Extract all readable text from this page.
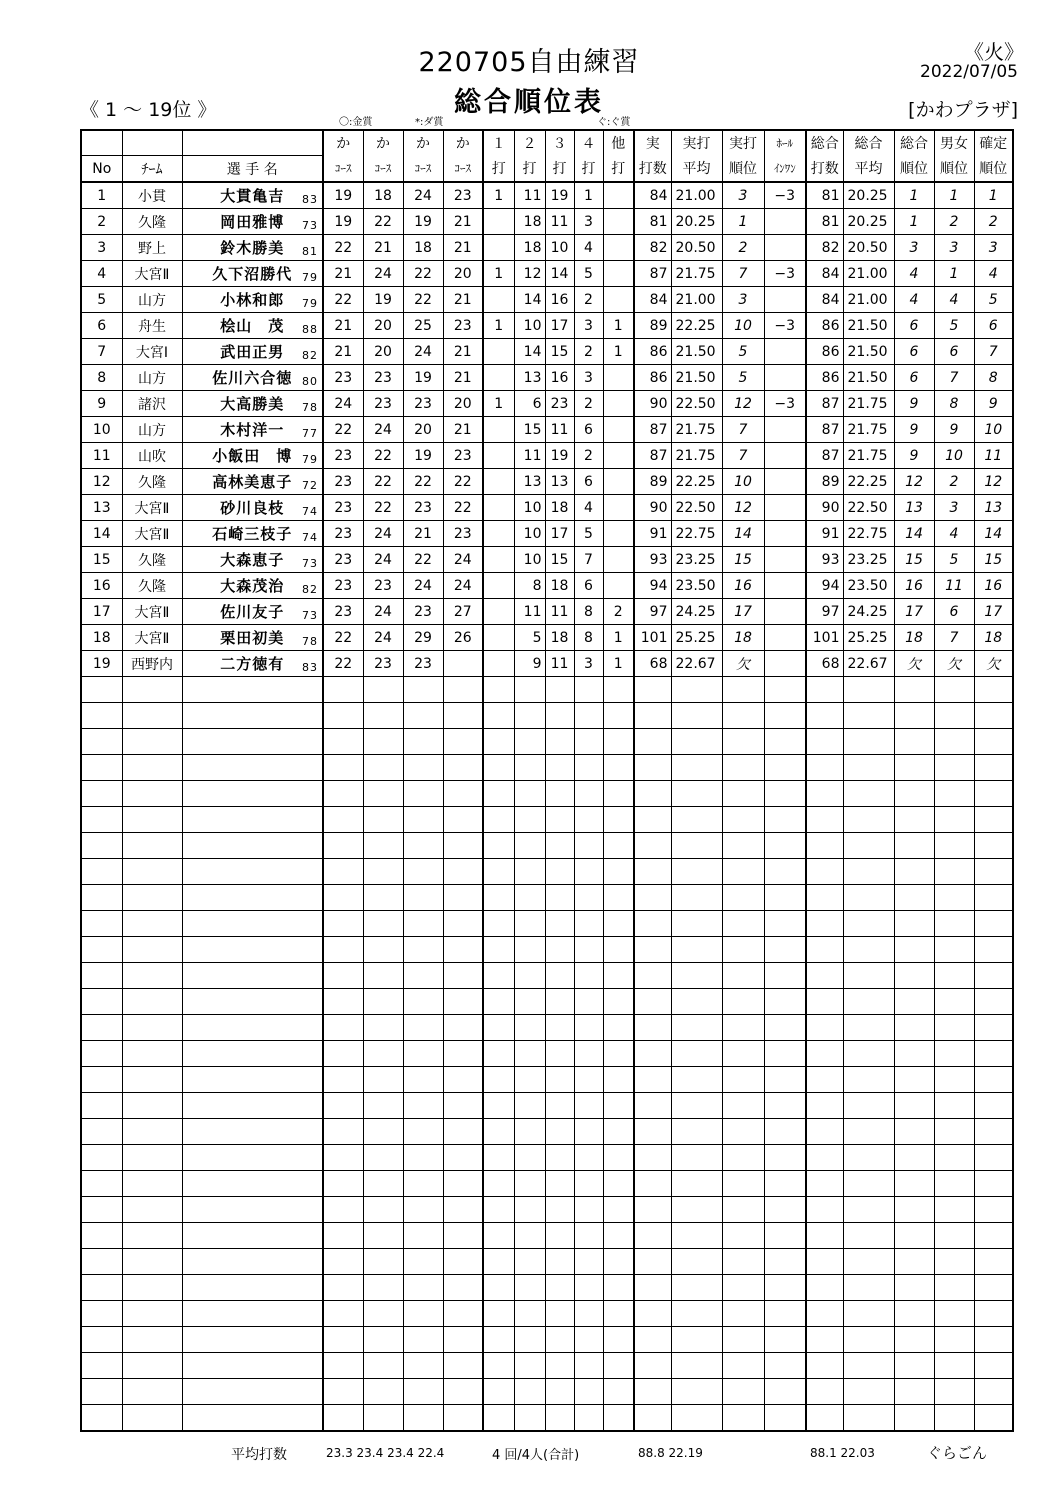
220705自由練習
総合順位表
《火》
2022/07/05
《 1 ～ 19位 》	[かわプラザ]
〇:金賞	*:ダ賞	ぐ:ぐ賞
			か	か	か	か	１	２	３	４	他	実	実打	実打	ﾎｰﾙ	総合	総合	総合	男女	確定
No	ﾁｰﾑ	選 手 名	ｺｰｽ	ｺｰｽ	ｺｰｽ	ｺｰｽ	打	打	打	打	打	打数	平均	順位	ｲﾝﾜﾝ	打数	平均	順位	順位	順位
1	小貫	大貫亀吉 83	19	18	24	23	1	11	19	1		84	21.00	3	−3	81	20.25	1	1	1
2	久隆	岡田雅博 73	19	22	19	21		18	11	3		81	20.25	1		81	20.25	1	2	2
3	野上	鈴木勝美 81	22	21	18	21		18	10	4		82	20.50	2		82	20.50	3	3	3
4	大宮Ⅱ	久下沼勝代 79	21	24	22	20	1	12	14	5		87	21.75	7	−3	84	21.00	4	1	4
5	山方	小林和郎 79	22	19	22	21		14	16	2		84	21.00	3		84	21.00	4	4	5
6	舟生	桧山　茂 88	21	20	25	23	1	10	17	3	1	89	22.25	10	−3	86	21.50	6	5	6
7	大宮Ⅰ	武田正男 82	21	20	24	21		14	15	2	1	86	21.50	5		86	21.50	6	6	7
8	山方	佐川六合徳 80	23	23	19	21		13	16	3		86	21.50	5		86	21.50	6	7	8
9	諸沢	大高勝美 78	24	23	23	20	1	6	23	2		90	22.50	12	−3	87	21.75	9	8	9
10	山方	木村洋一 77	22	24	20	21		15	11	6		87	21.75	7		87	21.75	9	9	10
11	山吹	小飯田　博 79	23	22	19	23		11	19	2		87	21.75	7		87	21.75	9	10	11
12	久隆	高林美恵子 72	23	22	22	22		13	13	6		89	22.25	10		89	22.25	12	2	12
13	大宮Ⅱ	砂川良枝 74	23	22	23	22		10	18	4		90	22.50	12		90	22.50	13	3	13
14	大宮Ⅱ	石崎三枝子 74	23	24	21	23		10	17	5		91	22.75	14		91	22.75	14	4	14
15	久隆	大森恵子 73	23	24	22	24		10	15	7		93	23.25	15		93	23.25	15	5	15
16	久隆	大森茂治 82	23	23	24	24		8	18	6		94	23.50	16		94	23.50	16	11	16
17	大宮Ⅱ	佐川友子 73	23	24	23	27		11	11	8	2	97	24.25	17		97	24.25	17	6	17
18	大宮Ⅱ	栗田初美 78	22	24	29	26		5	18	8	1	101	25.25	18		101	25.25	18	7	18
19	西野内	二方徳有 83	22	23	23			9	11	3	1	68	22.67	欠		68	22.67	欠	欠	欠

平均打数	23.3 23.4 23.4 22.4	4 回/4人(合計)	88.8 22.19	88.1 22.03	ぐらごん
